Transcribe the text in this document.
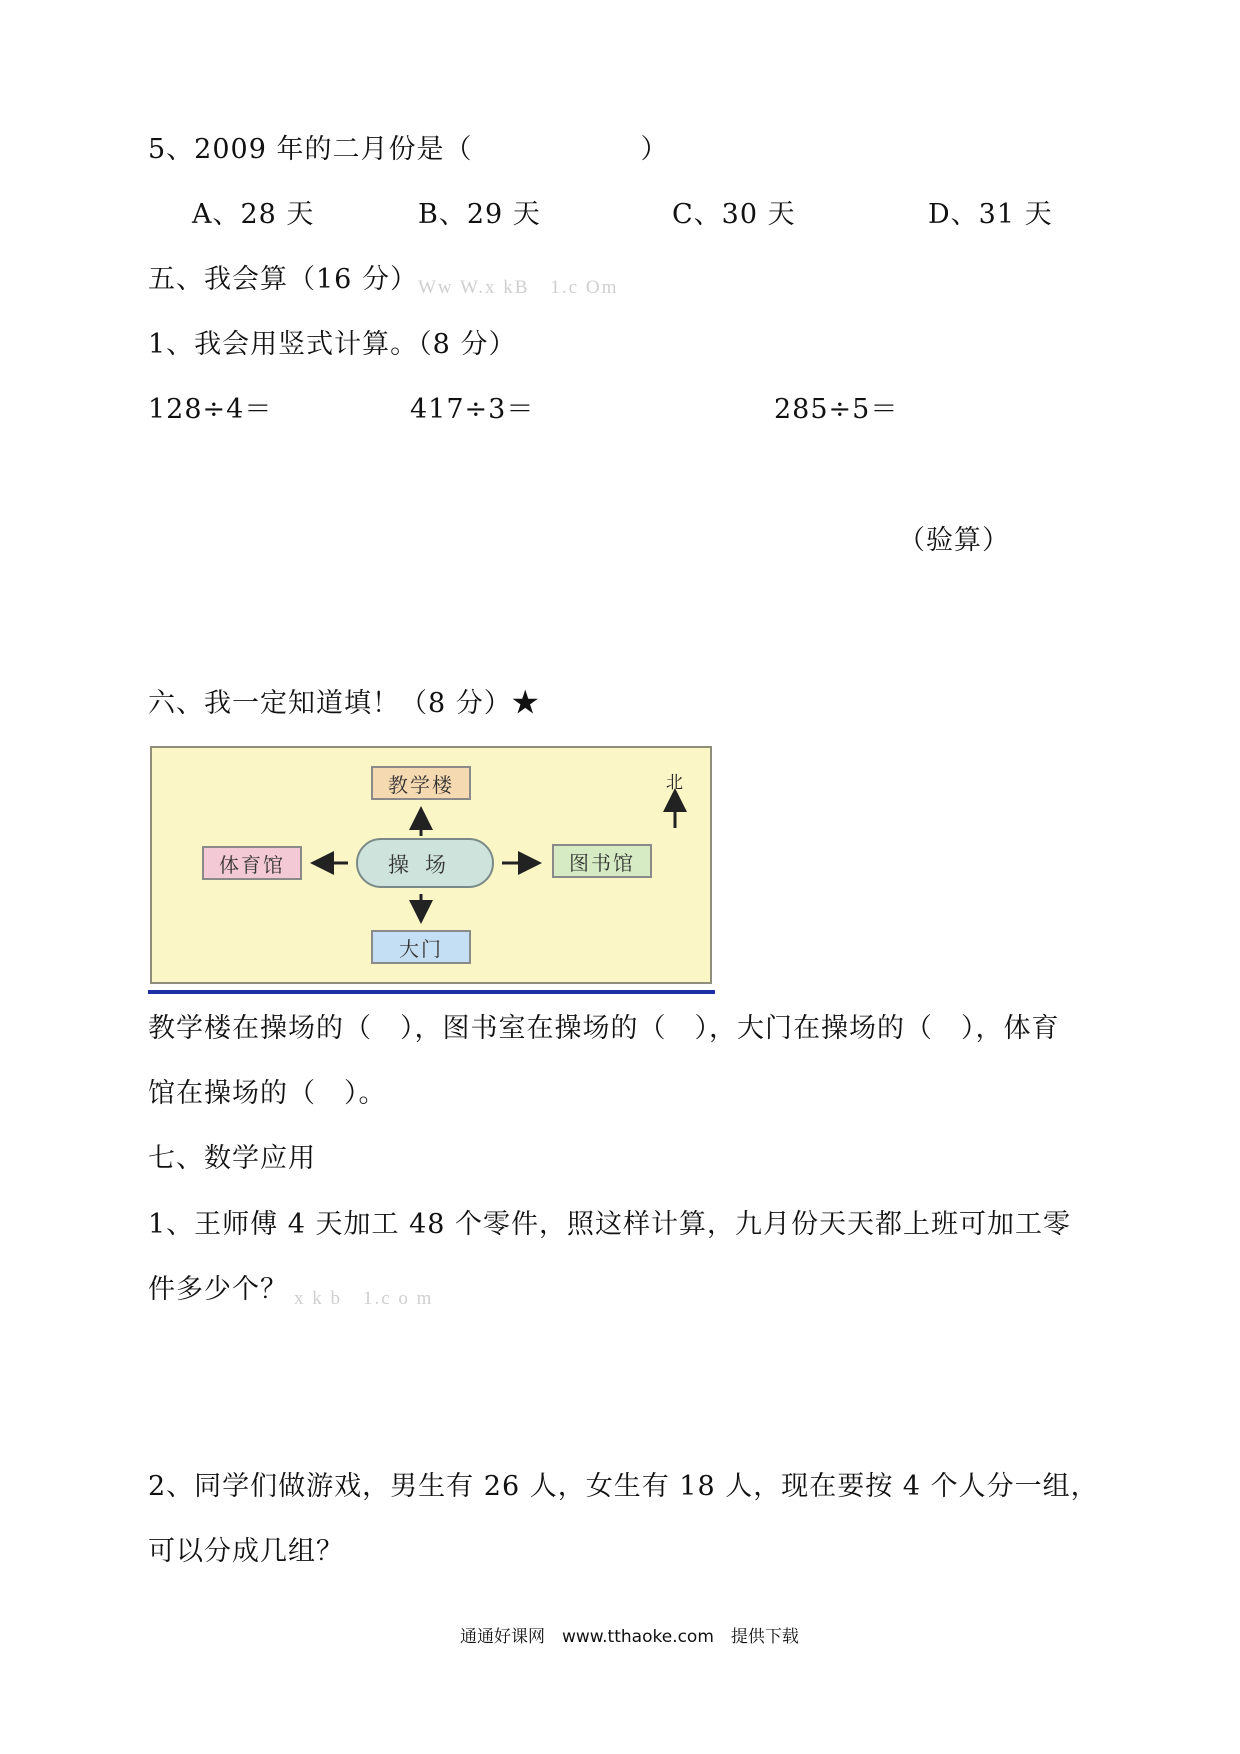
5、2009 年的二月份是（　　　　　　）
A、28 天	B、29 天	C、30 天	D、31 天
五、我会算（16 分） Ww W.x kB　1.c Om
1、我会用竖式计算。（8 分）
128÷4＝	417÷3＝	285÷5＝
（验算）
六、我一定知道填！（8 分）★
教学楼
体育馆	操场	图书馆
大门
北
教学楼在操场的（　），图书室在操场的（　），大门在操场的（　），体育
馆在操场的（　）。
七、数学应用
1、王师傅 4 天加工 48 个零件，照这样计算，九月份天天都上班可加工零
件多少个？ x k b　1.c o m
2、同学们做游戏，男生有 26 人，女生有 18 人，现在要按 4 个人分一组，
可以分成几组？
通通好课网　www.tthaoke.com　提供下载
